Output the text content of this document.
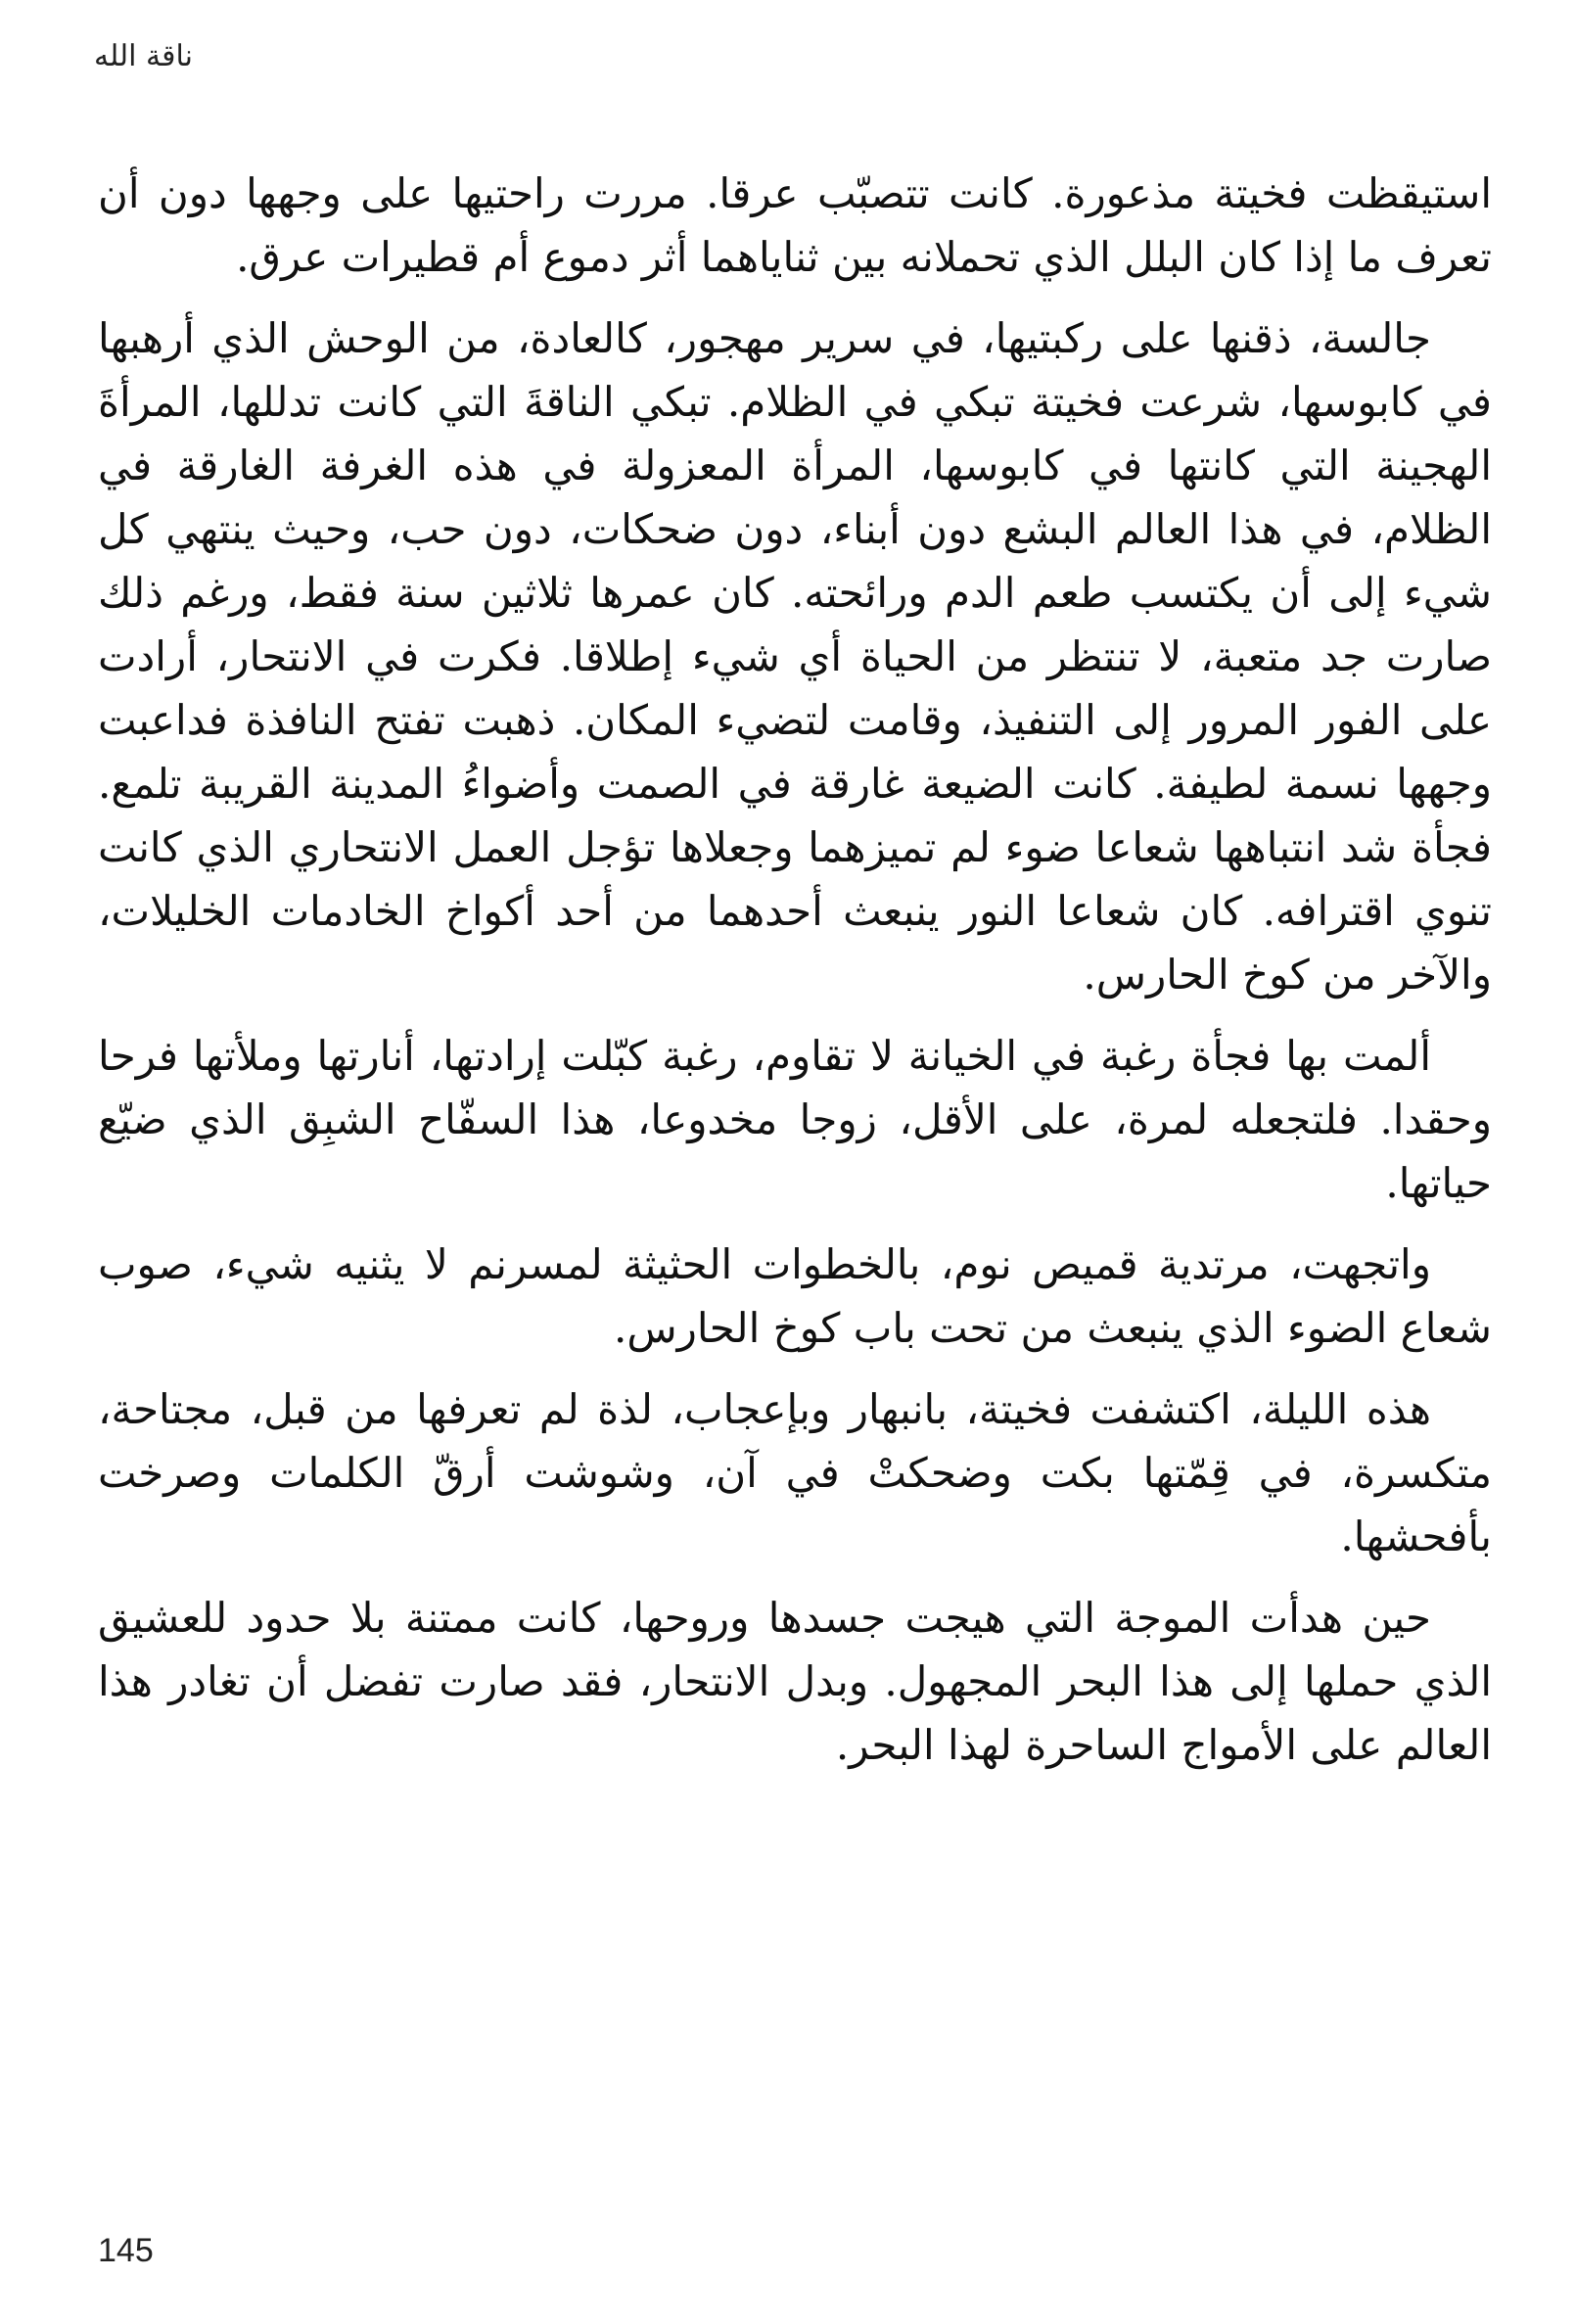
ناقة الله

استيقظت فخيتة مذعورة. كانت تتصبّب عرقا. مررت راحتيها على وجهها دون أن تعرف ما إذا كان البلل الذي تحملانه بين ثناياهما أثر دموع أم قطيرات عرق.

جالسة، ذقنها على ركبتيها، في سرير مهجور، كالعادة، من الوحش الذي أرهبها في كابوسها، شرعت فخيتة تبكي في الظلام. تبكي الناقةَ التي كانت تدللها، المرأةَ الهجينة التي كانتها في كابوسها، المرأة المعزولة في هذه الغرفة الغارقة في الظلام، في هذا العالم البشع دون أبناء، دون ضحكات، دون حب، وحيث ينتهي كل شيء إلى أن يكتسب طعم الدم ورائحته. كان عمرها ثلاثين سنة فقط، ورغم ذلك صارت جد متعبة، لا تنتظر من الحياة أي شيء إطلاقا. فكرت في الانتحار، أرادت على الفور المرور إلى التنفيذ، وقامت لتضيء المكان. ذهبت تفتح النافذة فداعبت وجهها نسمة لطيفة. كانت الضيعة غارقة في الصمت وأضواءُ المدينة القريبة تلمع. فجأة شد انتباهها شعاعا ضوء لم تميزهما وجعلاها تؤجل العمل الانتحاري الذي كانت تنوي اقترافه. كان شعاعا النور ينبعث أحدهما من أحد أكواخ الخادمات الخليلات، والآخر من كوخ الحارس.

ألمت بها فجأة رغبة في الخيانة لا تقاوم، رغبة كبّلت إرادتها، أنارتها وملأتها فرحا وحقدا. فلتجعله لمرة، على الأقل، زوجا مخدوعا، هذا السفّاح الشبِق الذي ضيّع حياتها.

واتجهت، مرتدية قميص نوم، بالخطوات الحثيثة لمسرنم لا يثنيه شيء، صوب شعاع الضوء الذي ينبعث من تحت باب كوخ الحارس.

هذه الليلة، اكتشفت فخيتة، بانبهار وبإعجاب، لذة لم تعرفها من قبل، مجتاحة، متكسرة، في قِمّتها بكت وضحكتْ في آن، وشوشت أرقّ الكلمات وصرخت بأفحشها.

حين هدأت الموجة التي هيجت جسدها وروحها، كانت ممتنة بلا حدود للعشيق الذي حملها إلى هذا البحر المجهول. وبدل الانتحار، فقد صارت تفضل أن تغادر هذا العالم على الأمواج الساحرة لهذا البحر.

145
